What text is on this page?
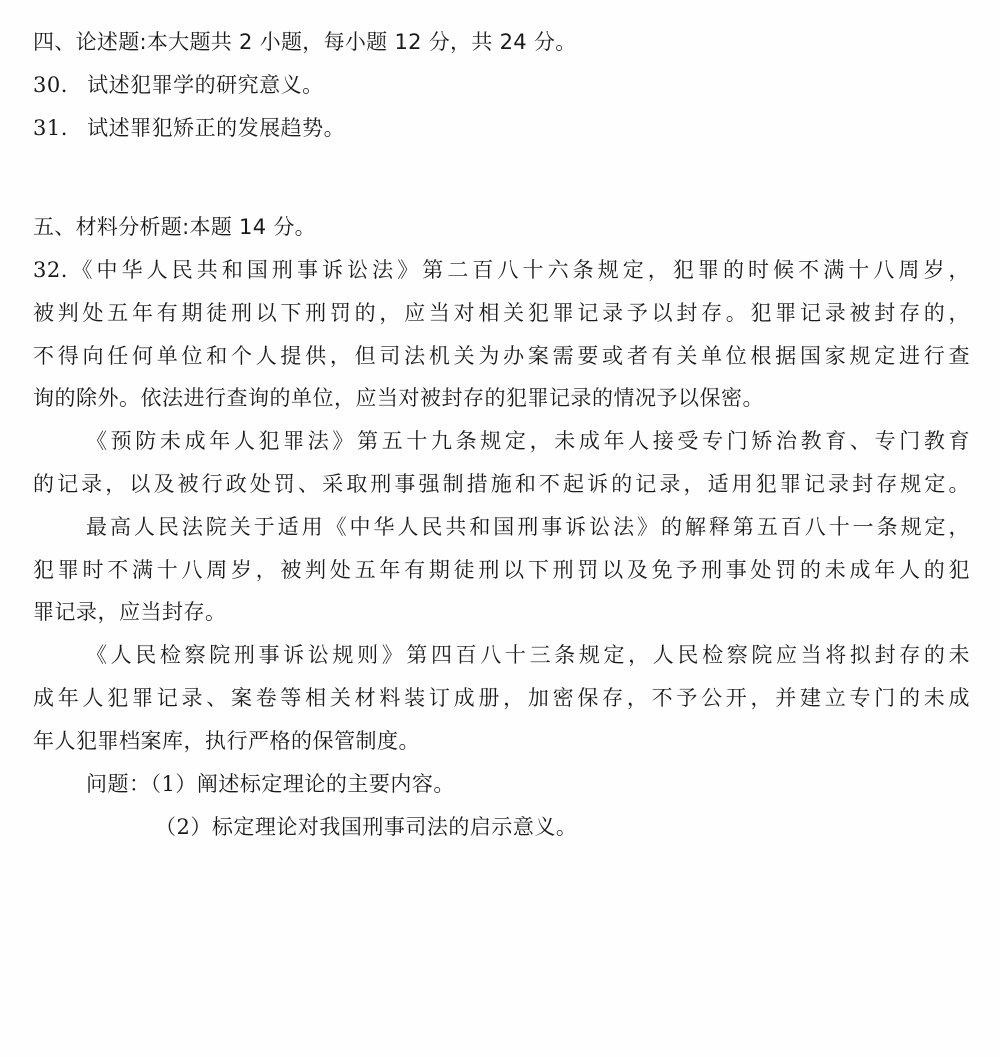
四、论述题:本大题共 2 小题，每小题 12 分，共 24 分。
30. 试述犯罪学的研究意义。
31. 试述罪犯矫正的发展趋势。
五、材料分析题:本题 14 分。
32.《中华人民共和国刑事诉讼法》第二百八十六条规定，犯罪的时候不满十八周岁，
被判处五年有期徒刑以下刑罚的，应当对相关犯罪记录予以封存。犯罪记录被封存的，
不得向任何单位和个人提供，但司法机关为办案需要或者有关单位根据国家规定进行查
询的除外。依法进行查询的单位，应当对被封存的犯罪记录的情况予以保密。
《预防未成年人犯罪法》第五十九条规定，未成年人接受专门矫治教育、专门教育
的记录，以及被行政处罚、采取刑事强制措施和不起诉的记录，适用犯罪记录封存规定。
最高人民法院关于适用《中华人民共和国刑事诉讼法》的解释第五百八十一条规定，
犯罪时不满十八周岁，被判处五年有期徒刑以下刑罚以及免予刑事处罚的未成年人的犯
罪记录，应当封存。
《人民检察院刑事诉讼规则》第四百八十三条规定，人民检察院应当将拟封存的未
成年人犯罪记录、案卷等相关材料装订成册，加密保存，不予公开，并建立专门的未成
年人犯罪档案库，执行严格的保管制度。
问题：（1）阐述标定理论的主要内容。
（2）标定理论对我国刑事司法的启示意义。
